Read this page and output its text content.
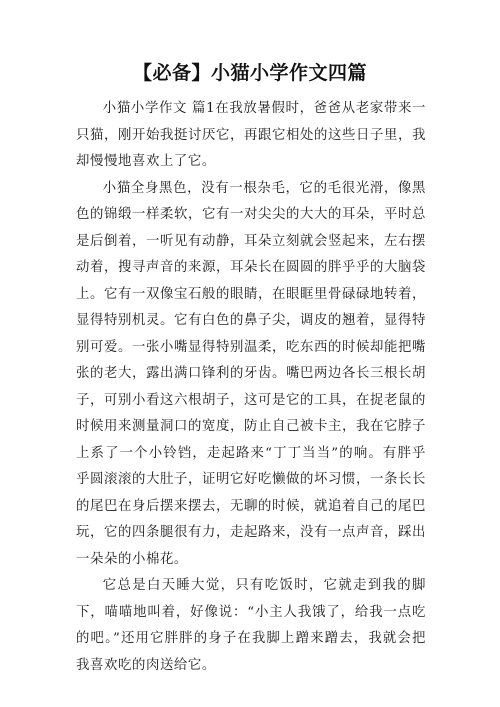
【必备】小猫小学作文四篇

小猫小学作文 篇1在我放暑假时，爸爸从老家带来一只猫，刚开始我挺讨厌它，再跟它相处的这些日子里，我却慢慢地喜欢上了它。

小猫全身黑色，没有一根杂毛，它的毛很光滑，像黑色的锦缎一样柔软，它有一对尖尖的大大的耳朵，平时总是后倒着，一听见有动静，耳朵立刻就会竖起来，左右摆动着，搜寻声音的来源，耳朵长在圆圆的胖乎乎的大脑袋上。它有一双像宝石般的眼睛，在眼眶里骨碌碌地转着，显得特别机灵。它有白色的鼻子尖，调皮的翘着，显得特别可爱。一张小嘴显得特别温柔，吃东西的时候却能把嘴张的老大，露出满口锋利的牙齿。嘴巴两边各长三根长胡子，可别小看这六根胡子，这可是它的工具，在捉老鼠的时候用来测量洞口的宽度，防止自己被卡主，我在它脖子上系了一个小铃铛，走起路来“丁丁当当”的响。有胖乎乎圆滚滚的大肚子，证明它好吃懒做的坏习惯，一条长长的尾巴在身后摆来摆去，无聊的时候，就追着自己的尾巴玩，它的四条腿很有力，走起路来，没有一点声音，踩出一朵朵的小棉花。

它总是白天睡大觉，只有吃饭时，它就走到我的脚下，喵喵地叫着，好像说：“小主人我饿了，给我一点吃的吧。”还用它胖胖的身子在我脚上蹭来蹭去，我就会把我喜欢吃的肉送给它。
